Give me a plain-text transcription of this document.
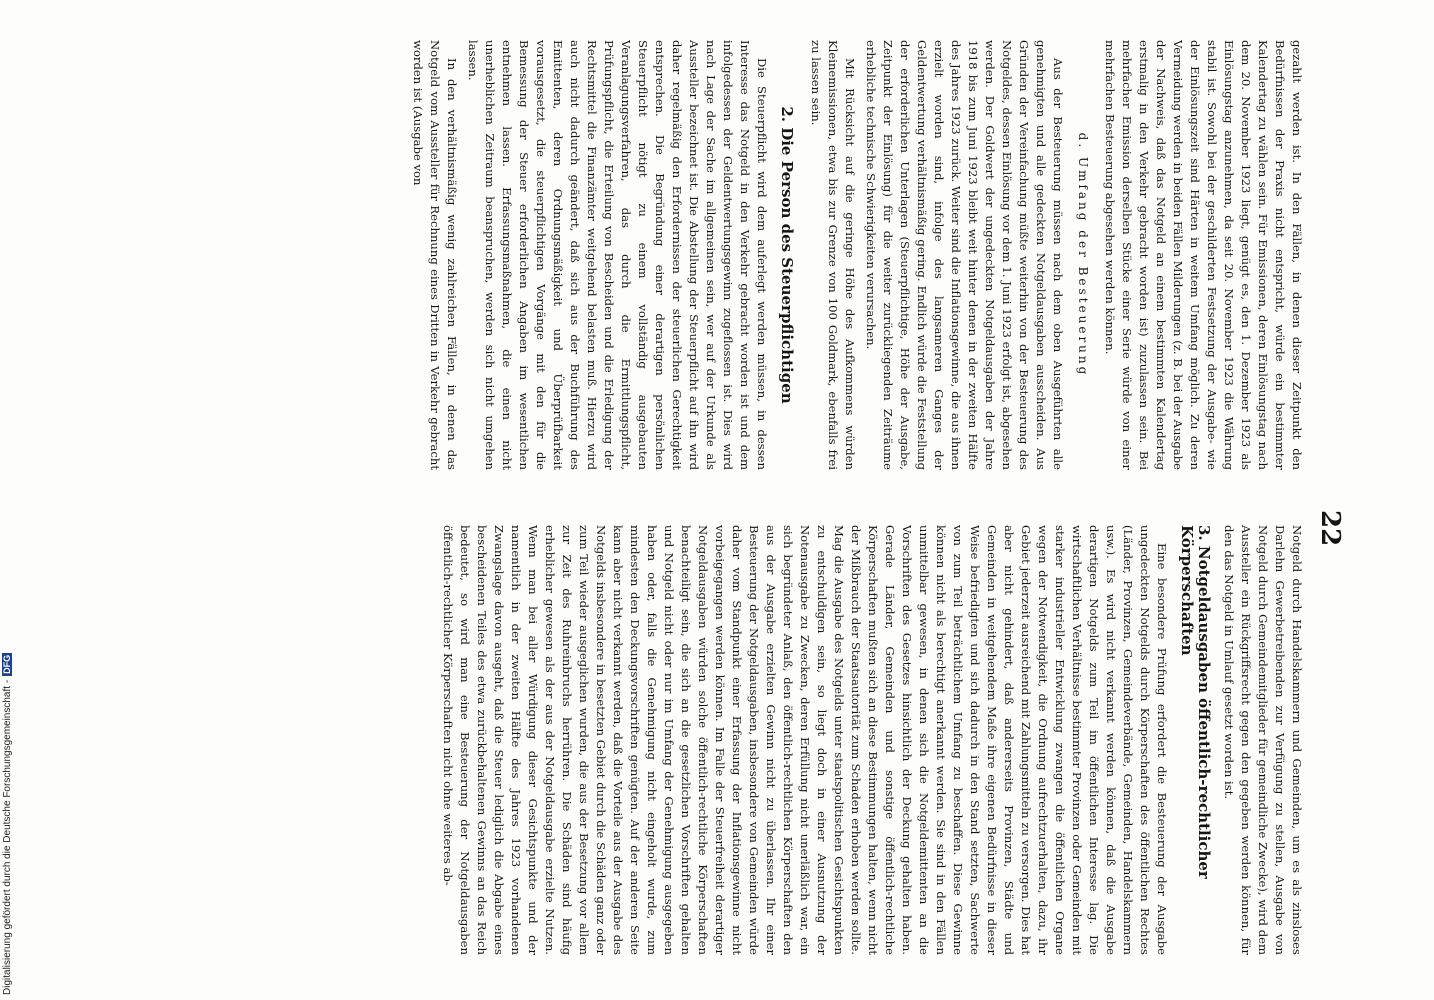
22

gezahlt werden ist. In den Fällen, in denen dieser Zeitpunkt den Bedürfnissen der Praxis nicht entspricht, würde ein bestimmter Kalendertag zu wählen sein. Für Emissionen, deren Einlösungstag nach dem 20. November 1923 liegt, genügt es, den 1. Dezember 1923 als Einlösungstag anzunehmen, da seit 20. November 1923 die Währung stabil ist. Sowohl bei der geschilderten Festsetzung der Ausgabe- wie der Einlösungszeit sind Härten in weitem Umfang möglich. Zu deren Vermeidung werden in beiden Fällen Milderungen (z. B. bei der Ausgabe der Nachweis, daß das Notgeld an einem bestimmten Kalendertag erstmalig in den Verkehr gebracht worden ist) zuzulassen sein. Bei mehrfacher Emission derselben Stücke einer Serie würde von einer mehrfachen Besteuerung abgesehen werden können.

d. Umfang der Besteuerung

Aus der Besteuerung müssen nach dem oben Ausgeführten alle genehmigten und alle gedeckten Notgeldausgaben ausscheiden. Aus Gründen der Vereinfachung müßte weiterhin von der Besteuerung des Notgeldes, dessen Einlösung vor dem 1. Juni 1923 erfolgt ist, abgesehen werden. Der Goldwert der ungedeckten Notgeldausgaben der Jahre 1918 bis zum Juni 1923 bleibt weit hinter denen in der zweiten Hälfte des Jahres 1923 zurück. Weiter sind die Inflationsgewinne, die aus ihnen erzielt worden sind, infolge des langsameren Ganges der Geldentwertung verhältnismäßig gering. Endlich würde die Feststellung der erforderlichen Unterlagen (Steuerpflichtige, Höhe der Ausgabe, Zeitpunkt der Einlösung) für die weiter zurückliegenden Zeiträume erhebliche technische Schwierigkeiten verursachen.

Mit Rücksicht auf die geringe Höhe des Aufkommens würden Kleinemissionen, etwa bis zur Grenze von 100 Goldmark, ebenfalls frei zu lassen sein.

2. Die Person des Steuerpflichtigen

Die Steuerpflicht wird dem auferlegt werden müssen, in dessen Interesse das Notgeld in den Verkehr gebracht worden ist und dem infolgedessen der Geldentwertungsgewinn zugeflossen ist. Dies wird nach Lage der Sache im allgemeinen sein, wer auf der Urkunde als Aussteller bezeichnet ist. Die Abstellung der Steuerpflicht auf ihn wird daher regelmäßig den Erfordernissen der steuerlichen Gerechtigkeit entsprechen. Die Begründung einer derartigen persönlichen Steuerpflicht nötigt zu einem vollständig ausgebauten Veranlagungsverfahren, das durch die Ermittlungspflicht, Prüfungspflicht, die Erteilung von Bescheiden und die Erledigung der Rechtsmittel die Finanzämter weitgehend belasten muß. Hierzu wird auch nicht dadurch geändert, daß sich aus der Buchführung des Emittenten, deren Ordnungsmäßigkeit und Überprüfbarkeit vorausgesetzt, die steuerpflichtigen Vorgänge mit den für die Bemessung der Steuer erforderlichen Angaben im wesentlichen entnehmen lassen. Erfassungsmaßnahmen, die einen nicht unerheblichen Zeitraum beanspruchen, werden sich nicht umgehen lassen.

In den verhältnismäßig wenig zahlreichen Fällen, in denen das Notgeld vom Aussteller für Rechnung eines Dritten in Verkehr gebracht worden ist (Ausgabe von

Notgeld durch Handelskammern und Gemeinden, um es als zinsloses Darlehn Gewerbetreibenden zur Verfügung zu stellen, Ausgabe von Notgeld durch Gemeindemitglieder für gemeindliche Zwecke), wird dem Aussteller ein Rückgriffsrecht gegen den gegeben werden können, für den das Notgeld in Umlauf gesetzt worden ist.

3. Notgeldausgaben öffentlich-rechtlicher Körperschaften

Eine besondere Prüfung erfordert die Besteuerung der Ausgabe ungedeckten Notgelds durch Körperschaften des öffentlichen Rechtes (Länder, Provinzen, Gemeindeverbände, Gemeinden, Handelskammern usw.). Es wird nicht verkannt werden können, daß die Ausgabe derartigen Notgelds zum Teil im öffentlichen Interesse lag. Die wirtschaftlichen Verhältnisse bestimmter Provinzen oder Gemeinden mit starker industrieller Entwicklung zwangen die öffentlichen Organe wegen der Notwendigkeit, die Ordnung aufrechtzuerhalten, dazu, ihr Gebiet jederzeit ausreichend mit Zahlungsmitteln zu versorgen. Dies hat aber nicht gehindert, daß andererseits Provinzen, Städte und Gemeinden in weitgehendem Maße ihre eigenen Bedürfnisse in dieser Weise befriedigten und sich dadurch in den Stand setzten, Sachwerte von zum Teil beträchtlichem Umfang zu beschaffen. Diese Gewinne können nicht als berechtigt anerkannt werden. Sie sind in den Fällen unmittelbar gewesen, in denen sich die Notgeldemittenten an die Vorschriften des Gesetzes hinsichtlich der Deckung gehalten haben. Gerade Länder, Gemeinden und sonstige öffentlich-rechtliche Körperschaften mußten sich an diese Bestimmungen halten, wenn nicht der Mißbrauch der Staatsautorität zum Schaden erhoben werden sollte. Mag die Ausgabe des Notgelds unter staatspolitischen Gesichtspunkten zu entschuldigen sein, so liegt doch in einer Ausnutzung der Notenausgabe zu Zwecken, deren Erfüllung nicht unerläßlich war, ein sich begründeter Anlaß, den öffentlich-rechtlichen Körperschaften den aus der Ausgabe erzielten Gewinn nicht zu überlassen. Ihr einer Besteuerung der Notgeldausgaben, insbesondere von Gemeinden würde daher vom Standpunkt einer Erfassung der Inflationsgewinne nicht vorbeigegangen werden können. Im Falle der Steuerfreiheit derartiger Notgeldausgaben würden solche öffentlich-rechtliche Körperschaften benachteiligt sein, die sich an die gesetzlichen Vorschriften gehalten und Notgeld nicht oder nur im Umfang der Genehmigung ausgegeben haben oder, falls die Genehmigung nicht eingeholt wurde, zum mindesten den Deckungsvorschriften genügten. Auf der anderen Seite kann aber nicht verkannt werden, daß die Vorteile aus der Ausgabe des Notgelds insbesondere in besetzten Gebiet durch die Schäden ganz oder zum Teil wieder ausgeglichen wurden, die aus der Besetzung vor allem zur Zeit des Ruhreinbruchs herrühren. Die Schäden sind häufig erheblicher gewesen als der aus der Notgeldausgabe erzielte Nutzen. Wenn man bei aller Würdigung dieser Gesichtspunkte und der namentlich in der zweiten Hälfte des Jahres 1923 vorhandenen Zwangslage davon ausgeht, daß die Steuer lediglich die Abgabe eines bescheidenen Teiles des etwa zurückbehaltenen Gewinns an das Reich bedeutet, so wird man eine Besteuerung der Notgeldausgaben öffentlich-rechtlicher Körperschaften nicht ohne weiteres ab-

Digitalisierung gefördert durch die Deutsche Forschungsgemeinschaft -DFG
